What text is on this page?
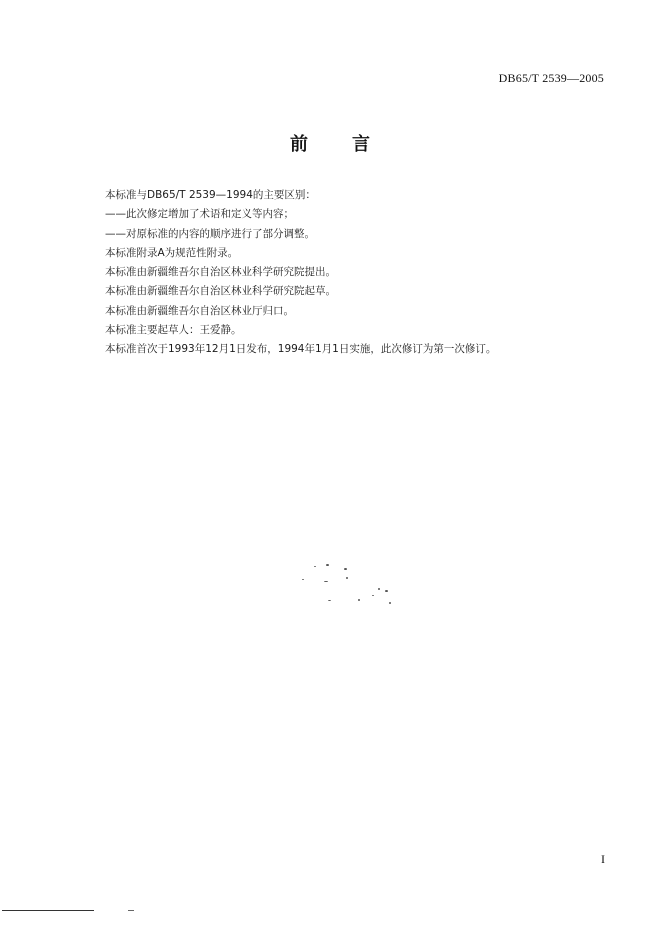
DB65/T 2539—2005
前 言
本标准与DB65/T 2539—1994的主要区别：
——此次修定增加了术语和定义等内容；
——对原标准的内容的顺序进行了部分调整。
本标准附录A为规范性附录。
本标准由新疆维吾尔自治区林业科学研究院提出。
本标准由新疆维吾尔自治区林业科学研究院起草。
本标准由新疆维吾尔自治区林业厅归口。
本标准主要起草人：王爱静。
本标准首次于1993年12月1日发布，1994年1月1日实施，此次修订为第一次修订。
I
